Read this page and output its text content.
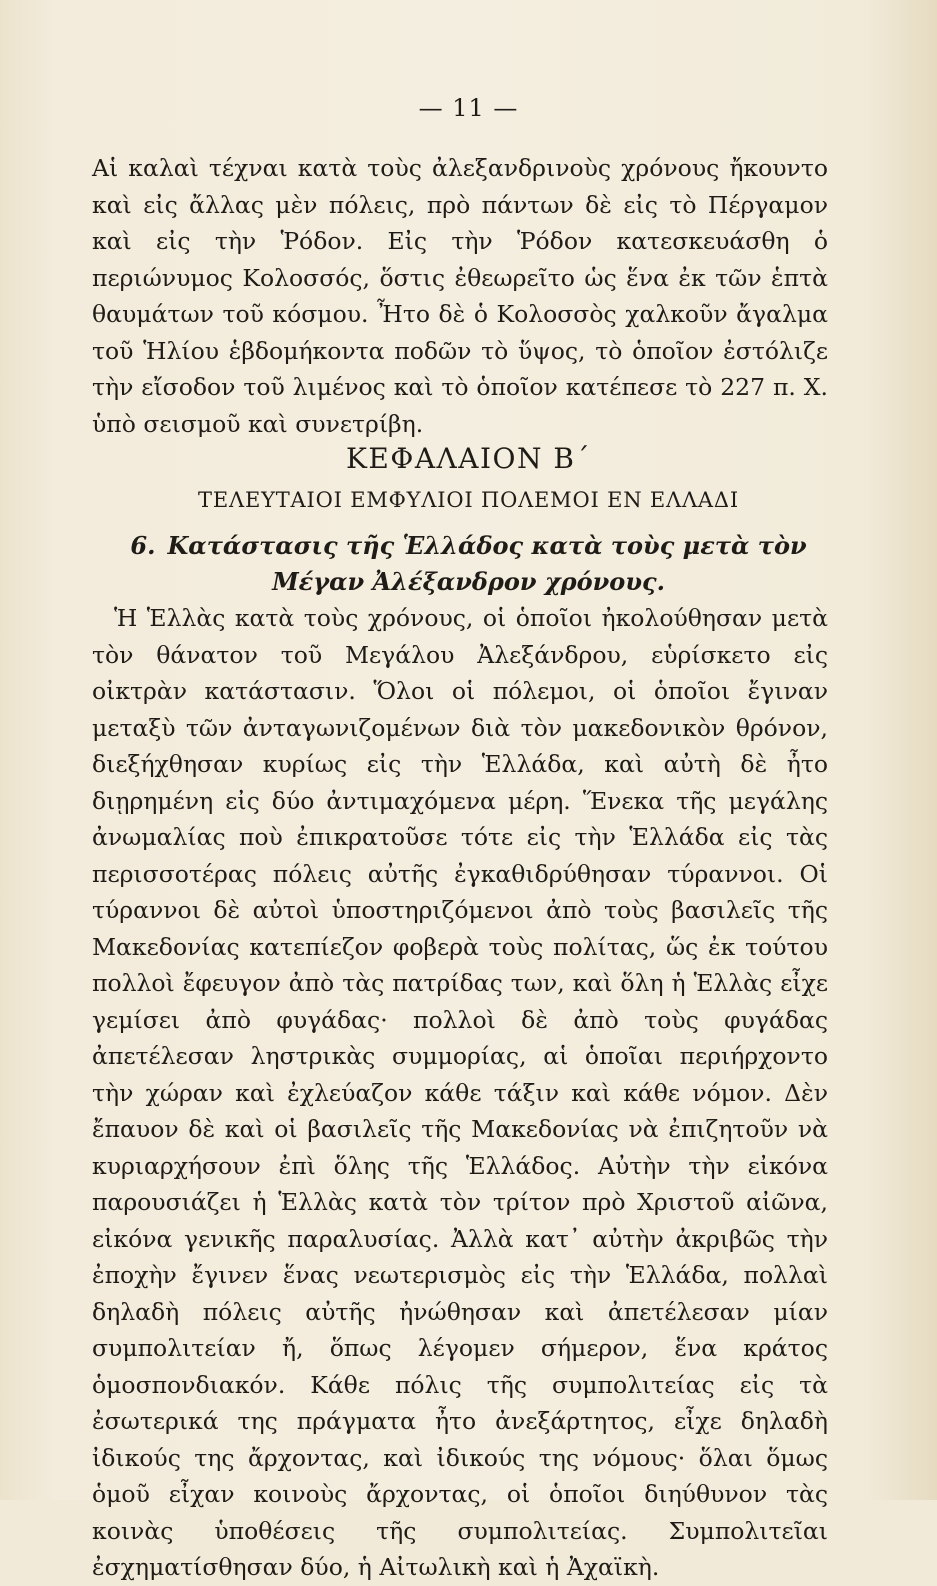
— 11 —

Αἱ καλαὶ τέχναι κατὰ τοὺς ἀλεξανδρινοὺς χρόνους ἤκουντο καὶ εἰς ἄλλας μὲν πόλεις, πρὸ πάντων δὲ εἰς τὸ Πέργαμον καὶ εἰς τὴν Ῥόδον. Εἰς τὴν Ῥόδον κατεσκευάσθη ὁ περιώνυμος Κολοσσός, ὅστις ἐθεωρεῖτο ὡς ἕνα ἐκ τῶν ἑπτὰ θαυμάτων τοῦ κόσμου. Ἦτο δὲ ὁ Κολοσσὸς χαλκοῦν ἄγαλμα τοῦ Ἡλίου ἑβδομήκοντα ποδῶν τὸ ὕψος, τὸ ὁποῖον ἐστόλιζε τὴν εἴσοδον τοῦ λιμένος καὶ τὸ ὁποῖον κατέπεσε τὸ 227 π. Χ. ὑπὸ σεισμοῦ καὶ συνετρίβη.

ΚΕΦΑΛΑΙΟΝ Β΄
ΤΕΛΕΥΤΑΙΟΙ ΕΜΦΥΛΙΟΙ ΠΟΛΕΜΟΙ ΕΝ ΕΛΛΑΔΙ
6. Κατάστασις τῆς Ἑλλάδος κατὰ τοὺς μετὰ τὸν Μέγαν Ἀλέξανδρον χρόνους.

Ἡ Ἑλλὰς κατὰ τοὺς χρόνους, οἱ ὁποῖοι ἠκολούθησαν μετὰ τὸν θάνατον τοῦ Μεγάλου Ἀλεξάνδρου, εὑρίσκετο εἰς οἰκτρὰν κατάστασιν. Ὅλοι οἱ πόλεμοι, οἱ ὁποῖοι ἔγιναν μεταξὺ τῶν ἀνταγωνιζομένων διὰ τὸν μακεδονικὸν θρόνον, διεξήχθησαν κυρίως εἰς τὴν Ἑλλάδα, καὶ αὐτὴ δὲ ἦτο διῃρημένη εἰς δύο ἀντιμαχόμενα μέρη. Ἕνεκα τῆς μεγάλης ἀνωμαλίας ποὺ ἐπικρατοῦσε τότε εἰς τὴν Ἑλλάδα εἰς τὰς περισσοτέρας πόλεις αὐτῆς ἐγκαθιδρύθησαν τύραννοι. Οἱ τύραννοι δὲ αὐτοὶ ὑποστηριζόμενοι ἀπὸ τοὺς βασιλεῖς τῆς Μακεδονίας κατεπίεζον φοβερὰ τοὺς πολίτας, ὥς ἐκ τούτου πολλοὶ ἔφευγον ἀπὸ τὰς πατρίδας των, καὶ ὅλη ἡ Ἑλλὰς εἶχε γεμίσει ἀπὸ φυγάδας· πολλοὶ δὲ ἀπὸ τοὺς φυγάδας ἀπετέλεσαν ληστρικὰς συμμορίας, αἱ ὁποῖαι περιήρχοντο τὴν χώραν καὶ ἐχλεύαζον κάθε τάξιν καὶ κάθε νόμον. Δὲν ἔπαυον δὲ καὶ οἱ βασιλεῖς τῆς Μακεδονίας νὰ ἐπιζητοῦν νὰ κυριαρχήσουν ἐπὶ ὅλης τῆς Ἑλλάδος. Αὐτὴν τὴν εἰκόνα παρουσιάζει ἡ Ἑλλὰς κατὰ τὸν τρίτον πρὸ Χριστοῦ αἰῶνα, εἰκόνα γενικῆς παραλυσίας. Ἀλλὰ κατ᾽ αὐτὴν ἀκριβῶς τὴν ἐποχὴν ἔγινεν ἕνας νεωτερισμὸς εἰς τὴν Ἑλλάδα, πολλαὶ δηλαδὴ πόλεις αὐτῆς ἠνώθησαν καὶ ἀπετέλεσαν μίαν συμπολιτείαν ἤ, ὅπως λέγομεν σήμερον, ἕνα κράτος ὁμοσπονδιακόν. Κάθε πόλις τῆς συμπολιτείας εἰς τὰ ἐσωτερικά της πράγματα ἦτο ἀνεξάρτητος, εἶχε δηλαδὴ ἰδικούς της ἄρχοντας, καὶ ἰδικούς της νόμους· ὅλαι ὅμως ὁμοῦ εἶχαν κοινοὺς ἄρχοντας, οἱ ὁποῖοι διηύθυνον τὰς κοινὰς ὑποθέσεις τῆς συμπολιτείας. Συμπολιτεῖαι ἐσχηματίσθησαν δύο, ἡ Αἰτωλικὴ καὶ ἡ Ἀχαϊκὴ.
